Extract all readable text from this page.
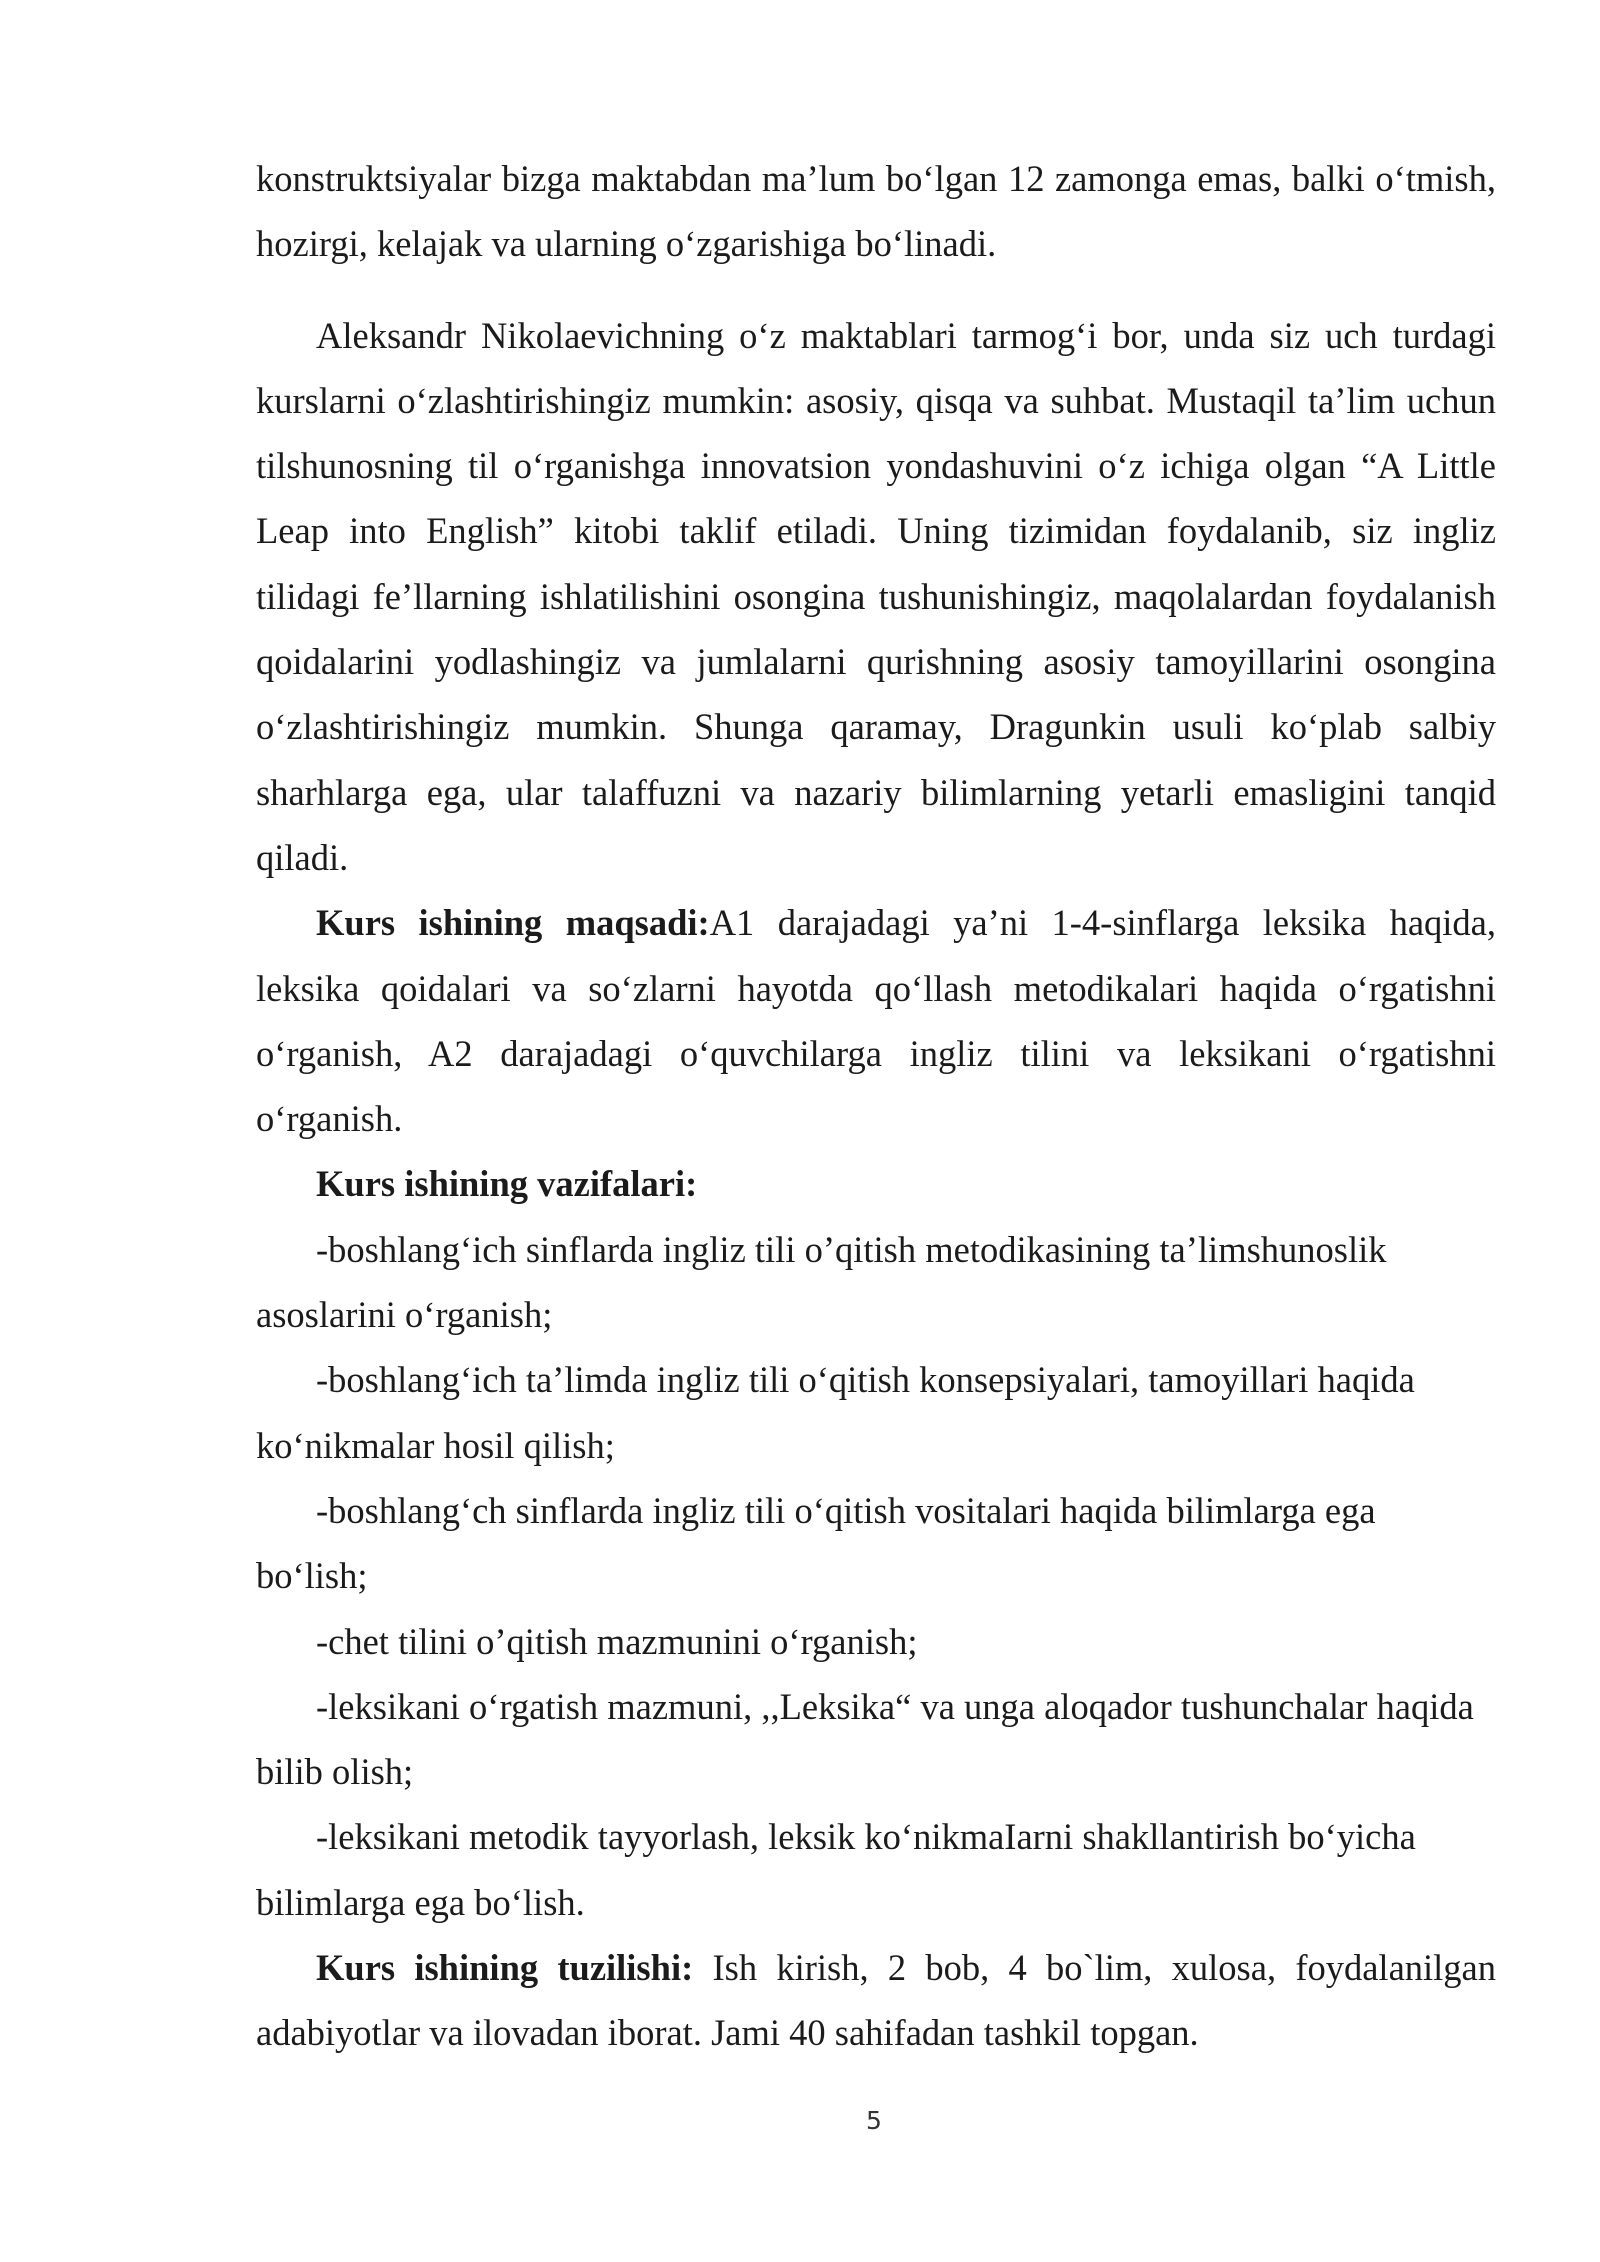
konstruktsiyalar bizga maktabdan ma’lum bo‘lgan 12 zamonga emas, balki o‘tmish, hozirgi, kelajak va ularning o‘zgarishiga bo‘linadi.

Aleksandr Nikolaevichning o‘z maktablari tarmog‘i bor, unda siz uch turdagi kurslarni o‘zlashtirishingiz mumkin: asosiy, qisqa va suhbat. Mustaqil ta’lim uchun tilshunosning til o‘rganishga innovatsion yondashuvini o‘z ichiga olgan “A Little Leap into English” kitobi taklif etiladi. Uning tizimidan foydalanib, siz ingliz tilidagi fe’llarning ishlatilishini osongina tushunishingiz, maqolalardan foydalanish qoidalarini yodlashingiz va jumlalarni qurishning asosiy tamoyillarini osongina o‘zlashtirishingiz mumkin. Shunga qaramay, Dragunkin usuli ko‘plab salbiy sharhlarga ega, ular talaffuzni va nazariy bilimlarning yetarli emasligini tanqid qiladi.

Kurs ishining maqsadi:A1 darajadagi ya’ni 1-4-sinflarga leksika haqida, leksika qoidalari va so‘zlarni hayotda qo‘llash metodikalari haqida o‘rgatishni o‘rganish, A2 darajadagi o‘quvchilarga ingliz tilini va leksikani o‘rgatishni o‘rganish.

Kurs ishining vazifalari:

-boshlang‘ich sinflarda ingliz tili o’qitish metodikasining ta’limshunoslik asoslarini o‘rganish;

-boshlang‘ich ta’limda ingliz tili o‘qitish konsepsiyalari, tamoyillari haqida ko‘nikmalar hosil qilish;

-boshlang‘ch sinflarda ingliz tili o‘qitish vositalari haqida bilimlarga ega bo‘lish;

-chet tilini o’qitish mazmunini o‘rganish;

-leksikani o‘rgatish mazmuni, ,,Leksika“ va unga aloqador tushunchalar haqida bilib olish;

-leksikani metodik tayyorlash, leksik ko‘nikmaIarni shakllantirish bo‘yicha bilimlarga ega bo‘lish.

Kurs ishining tuzilishi: Ish kirish, 2 bob, 4 bo`lim, xulosa, foydalanilgan adabiyotlar va ilovadan iborat. Jami 40 sahifadan tashkil topgan.

5
